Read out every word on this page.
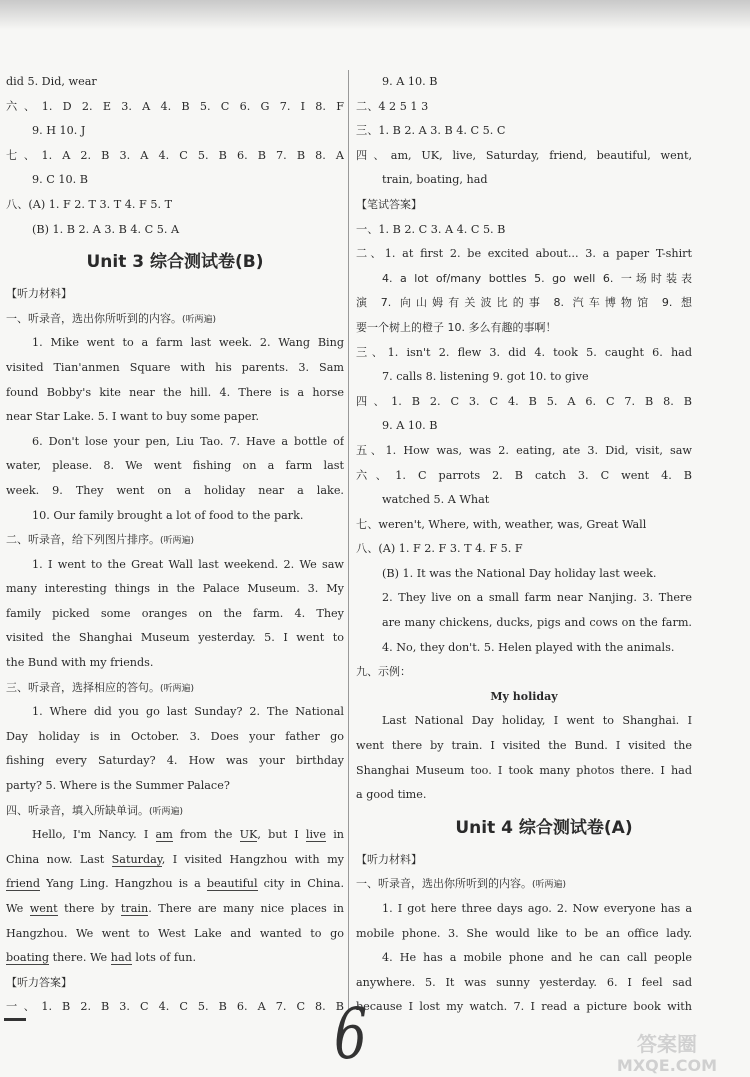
did 5. Did, wear
六、1. D 2. E 3. A 4. B 5. C 6. G 7. I 8. F
9. H 10. J
七、1. A 2. B 3. A 4. C 5. B 6. B 7. B 8. A
9. C 10. B
八、(A) 1. F 2. T 3. T 4. F 5. T
(B) 1. B 2. A 3. B 4. C 5. A
Unit 3 综合测试卷(B)
【听力材料】
一、听录音，选出你所听到的内容。(听两遍)
1. Mike went to a farm last week. 2. Wang Bing
visited Tian'anmen Square with his parents. 3. Sam
found Bobby's kite near the hill. 4. There is a horse
near Star Lake. 5. I want to buy some paper.
6. Don't lose your pen, Liu Tao. 7. Have a bottle of
water, please. 8. We went fishing on a farm last
week. 9. They went on a holiday near a lake.
10. Our family brought a lot of food to the park.
二、听录音，给下列图片排序。(听两遍)
1. I went to the Great Wall last weekend. 2. We saw
many interesting things in the Palace Museum. 3. My
family picked some oranges on the farm. 4. They
visited the Shanghai Museum yesterday. 5. I went to
the Bund with my friends.
三、听录音，选择相应的答句。(听两遍)
1. Where did you go last Sunday? 2. The National
Day holiday is in October. 3. Does your father go
fishing every Saturday? 4. How was your birthday
party? 5. Where is the Summer Palace?
四、听录音，填入所缺单词。(听两遍)
Hello, I'm Nancy. I am from the UK, but I live in
China now. Last Saturday, I visited Hangzhou with my
friend Yang Ling. Hangzhou is a beautiful city in China.
We went there by train. There are many nice places in
Hangzhou. We went to West Lake and wanted to go
boating there. We had lots of fun.
【听力答案】
一、1. B 2. B 3. C 4. C 5. B 6. A 7. C 8. B
9. A 10. B
二、4 2 5 1 3
三、1. B 2. A 3. B 4. C 5. C
四、am, UK, live, Saturday, friend, beautiful, went,
train, boating, had
【笔试答案】
一、1. B 2. C 3. A 4. C 5. B
二、1. at first 2. be excited about... 3. a paper T-shirt
4. a lot of/many bottles 5. go well 6. 一场时装表
演 7. 向山姆有关波比的事 8. 汽车博物馆 9. 想
要一个树上的橙子 10. 多么有趣的事啊！
三、1. isn't 2. flew 3. did 4. took 5. caught 6. had
7. calls 8. listening 9. got 10. to give
四、1. B 2. C 3. C 4. B 5. A 6. C 7. B 8. B
9. A 10. B
五、1. How was, was 2. eating, ate 3. Did, visit, saw
六、1. C parrots 2. B catch 3. C went 4. B
watched 5. A What
七、weren't, Where, with, weather, was, Great Wall
八、(A) 1. F 2. F 3. T 4. F 5. F
(B) 1. It was the National Day holiday last week.
2. They live on a small farm near Nanjing. 3. There
are many chickens, ducks, pigs and cows on the farm.
4. No, they don't. 5. Helen played with the animals.
九、示例：
My holiday
Last National Day holiday, I went to Shanghai. I
went there by train. I visited the Bund. I visited the
Shanghai Museum too. I took many photos there. I had
a good time.
Unit 4 综合测试卷(A)
【听力材料】
一、听录音，选出你所听到的内容。(听两遍)
1. I got here three days ago. 2. Now everyone has a
mobile phone. 3. She would like to be an office lady.
4. He has a mobile phone and he can call people
anywhere. 5. It was sunny yesterday. 6. I feel sad
because I lost my watch. 7. I read a picture book with
6	答案圈
MXQE.COM
